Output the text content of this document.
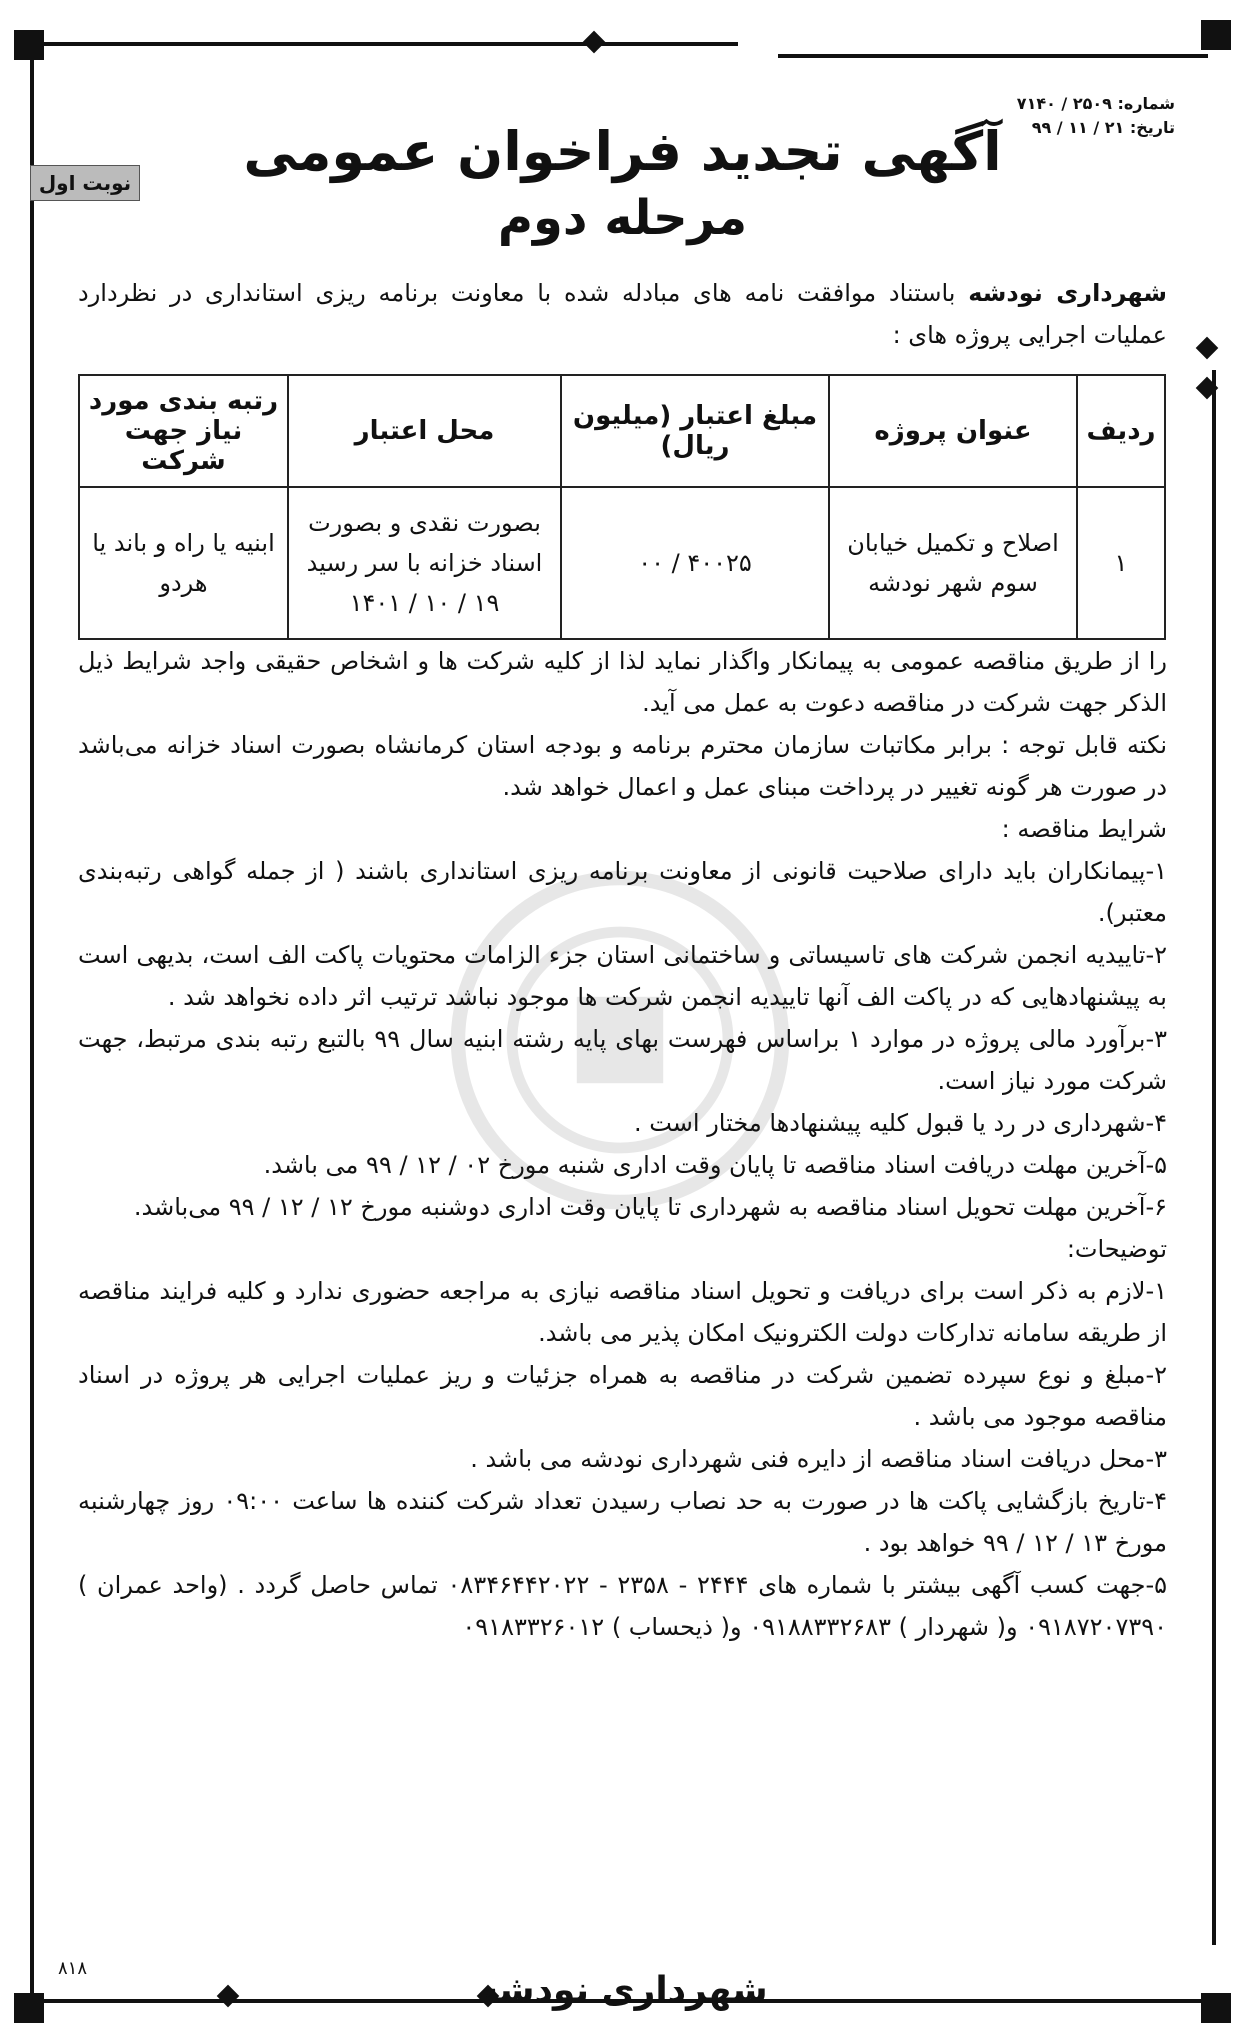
شماره: ۲۵۰۹ / ۷۱۴۰
تاریخ: ۲۱ / ۱۱ / ۹۹
نوبت اول	آگهی تجدید فراخوان عمومی
مرحله دوم
شهرداری نودشه باستناد موافقت نامه های مبادله شده با معاونت برنامه ریزی استانداری در نظردارد عملیات اجرایی پروژه های :
ردیف	عنوان پروژه	مبلغ اعتبار (میلیون ریال)	محل اعتبار	رتبه بندی مورد نیاز جهت شرکت
۱	اصلاح و تکمیل خیابان سوم شهر نودشه	۴۰۰۲۵ / ۰۰	بصورت نقدی و بصورت اسناد خزانه با سر رسید ۱۹ / ۱۰ / ۱۴۰۱	ابنیه یا راه و باند یا هردو

را از طریق مناقصه عمومی به پیمانکار واگذار نماید لذا از کلیه شرکت ها و اشخاص حقیقی واجد شرایط ذیل الذکر جهت شرکت در مناقصه دعوت به عمل می آید.

نکته قابل توجه : برابر مکاتبات سازمان محترم برنامه و بودجه استان کرمانشاه بصورت اسناد خزانه می‌باشد در صورت هر گونه تغییر در پرداخت مبنای عمل و اعمال خواهد شد.

شرایط مناقصه :

۱-پیمانکاران باید دارای صلاحیت قانونی از معاونت برنامه ریزی استانداری باشند ( از جمله گواهی رتبه‌بندی معتبر).

۲-تاییدیه انجمن شرکت های تاسیساتی و ساختمانی استان جزء الزامات محتویات پاکت الف است، بدیهی است به پیشنهادهایی که در پاکت الف آنها تاییدیه انجمن شرکت ها موجود نباشد ترتیب اثر داده نخواهد شد .

۳-برآورد مالی پروژه در موارد ۱ براساس فهرست بهای پایه رشته ابنیه سال ۹۹ بالتبع رتبه بندی مرتبط، جهت شرکت مورد نیاز است.

۴-شهرداری در رد یا قبول کلیه پیشنهادها مختار است .

۵-آخرین مهلت دریافت اسناد مناقصه تا پایان وقت اداری شنبه مورخ ۰۲ / ۱۲ / ۹۹ می باشد.

۶-آخرین مهلت تحویل اسناد مناقصه به شهرداری تا پایان وقت اداری دوشنبه مورخ ۱۲ / ۱۲ / ۹۹ می‌باشد.

توضیحات:

۱-لازم به ذکر است برای دریافت و تحویل اسناد مناقصه نیازی به مراجعه حضوری ندارد و کلیه فرایند مناقصه از طریقه سامانه تدارکات دولت الکترونیک امکان پذیر می باشد.

۲-مبلغ و نوع سپرده تضمین شرکت در مناقصه به همراه جزئیات و ریز عملیات اجرایی هر پروژه در اسناد مناقصه موجود می باشد .

۳-محل دریافت اسناد مناقصه از دایره فنی شهرداری نودشه می باشد .

۴-تاریخ بازگشایی پاکت ها در صورت به حد نصاب رسیدن تعداد شرکت کننده ها ساعت ۰۹:۰۰ روز چهارشنبه مورخ ۱۳ / ۱۲ / ۹۹ خواهد بود .

۵-جهت کسب آگهی بیشتر با شماره های ۲۴۴۴ - ۲۳۵۸ - ۰۸۳۴۶۴۴۲۰۲۲ تماس حاصل گردد . (واحد عمران ) ۰۹۱۸۷۲۰۷۳۹۰ و( شهردار ) ۰۹۱۸۸۳۳۲۶۸۳ و( ذیحساب ) ۰۹۱۸۳۳۲۶۰۱۲

شهرداری نودشه
۸۱۸
